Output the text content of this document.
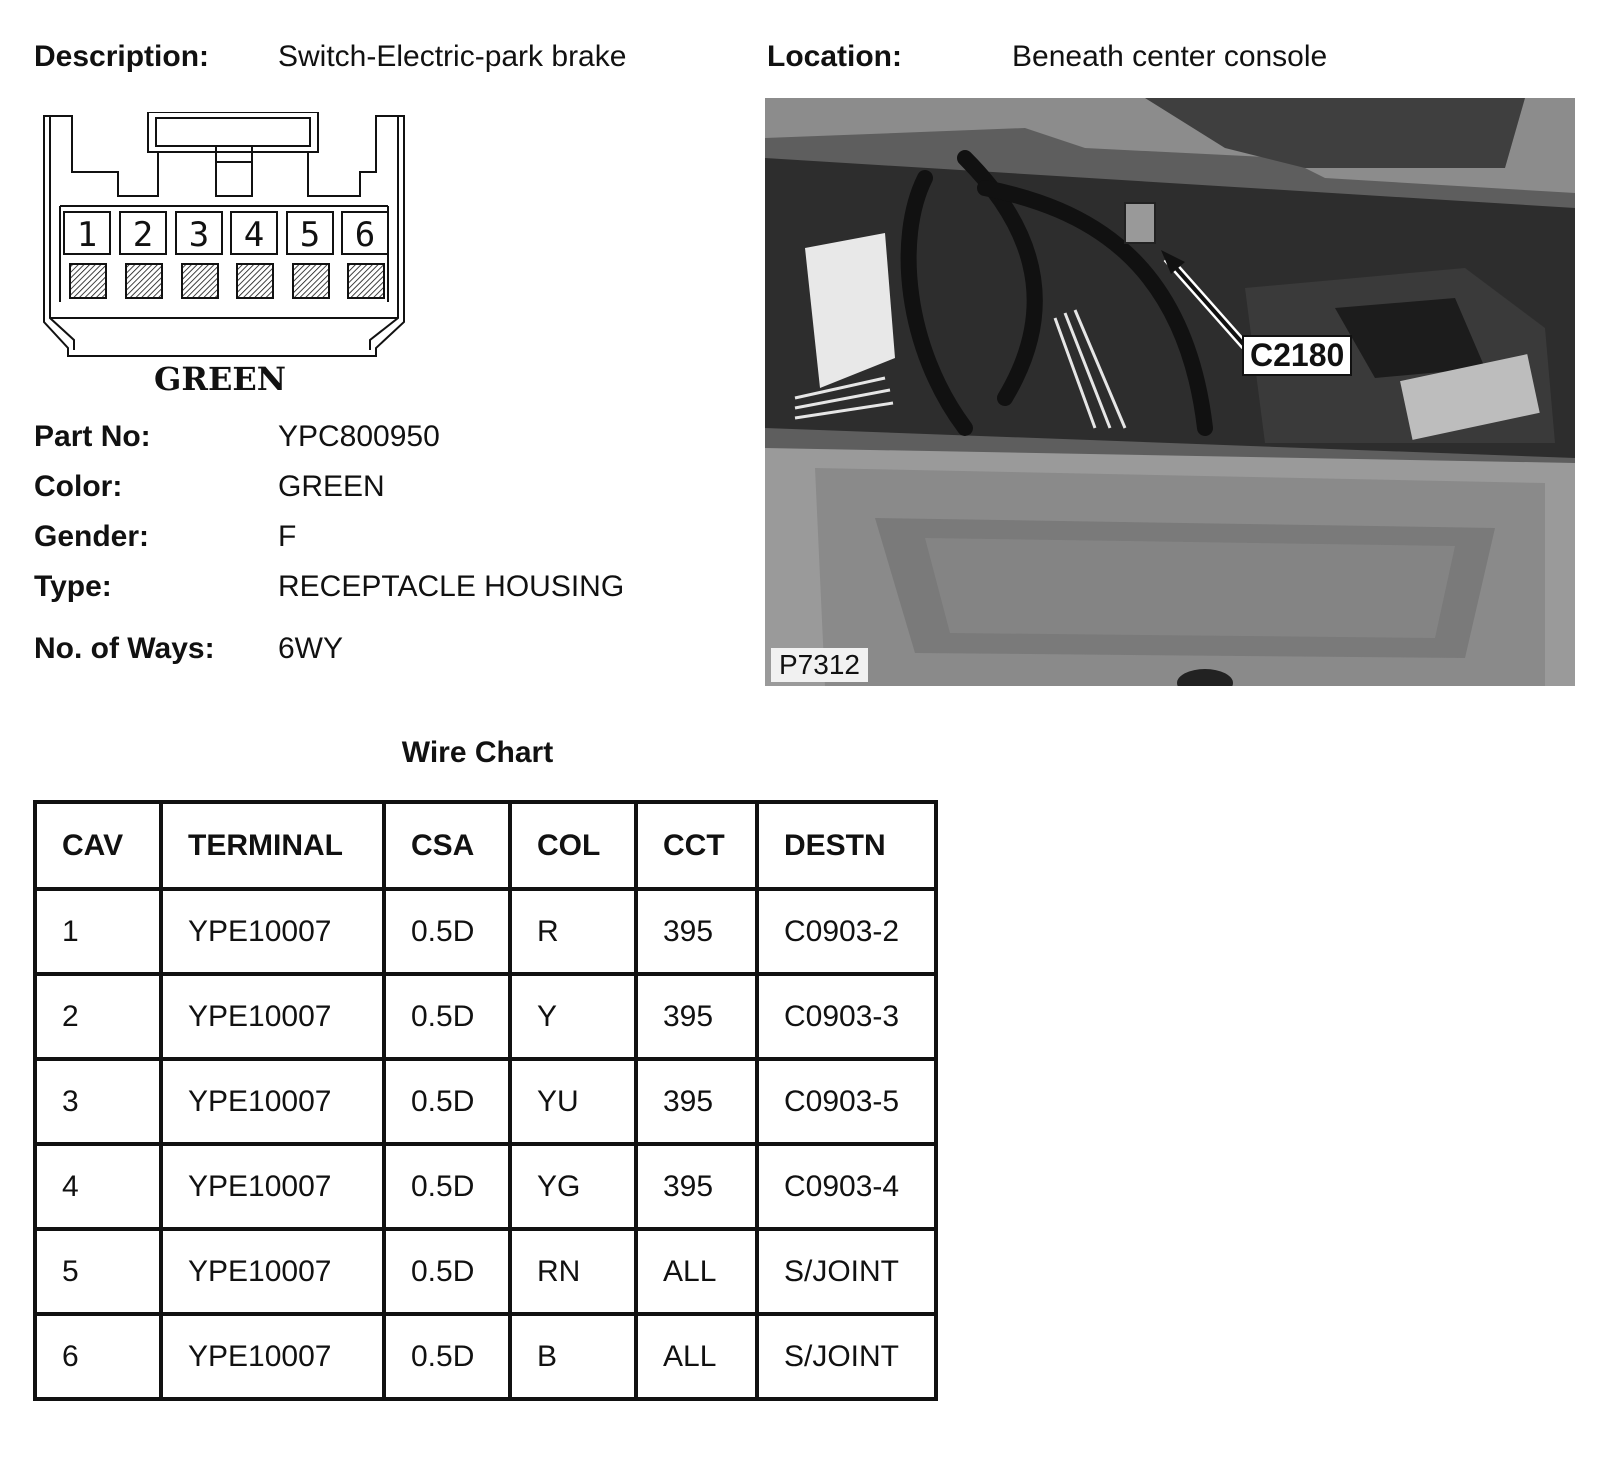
Description: Switch-Electric-park brake	Location:	Beneath center console
1 2 3 4 5 6
GREEN
Part No:	YPC800950
Color:	GREEN
Gender:	F
Type:	RECEPTACLE HOUSING
No. of Ways: 6WY
C2180
P7312
Wire Chart
CAV	TERMINAL	CSA	COL	CCT	DESTN
1	YPE10007	0.5D	R	395	C0903-2
2	YPE10007	0.5D	Y	395	C0903-3
3	YPE10007	0.5D	YU	395	C0903-5
4	YPE10007	0.5D	YG	395	C0903-4
5	YPE10007	0.5D	RN	ALL	S/JOINT
6	YPE10007	0.5D	B	ALL	S/JOINT
